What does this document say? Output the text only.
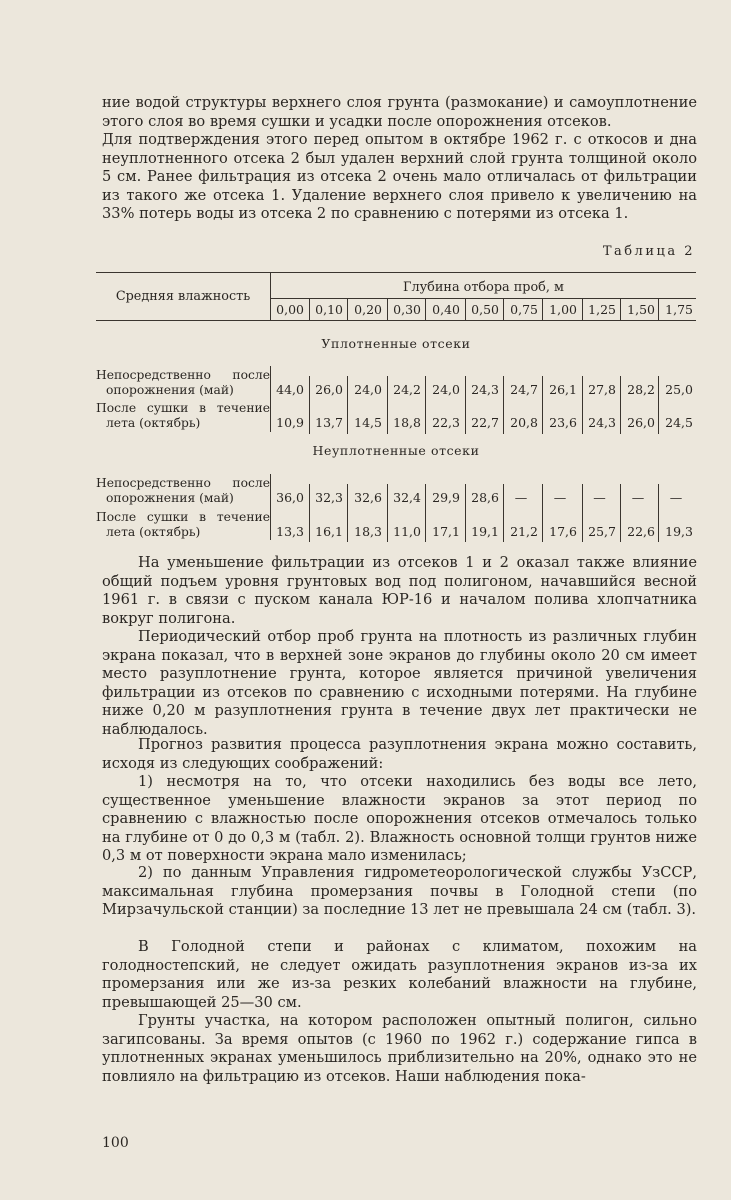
ние водой структуры верхнего слоя грунта (размокание) и самоуплотнение этого слоя во время сушки и усадки после опорожнения отсеков.

Для подтверждения этого перед опытом в октябре 1962 г. с откосов и дна неуплотненного отсека 2 был удален верхний слой грунта толщиной около 5 см. Ранее фильтрация из отсека 2 очень мало отличалась от фильтрации из такого же отсека 1. Удаление верхнего слоя привело к увеличению на 33% потерь воды из отсека 2 по сравнению с потерями из отсека 1.

Таблица 2
Средняя влажность
Глубина отбора проб, м
0,00 0,10 0,20 0,30 0,40 0,50 0,75 1,00 1,25 1,50 1,75
Уплотненные отсеки
Непосредственно после
опорожнения (май)	44,0 26,0 24,0 24,2 24,0 24,3 24,7 26,1 27,8 28,2 25,0
После сушки в течение
лета (октябрь)	10,9 13,7 14,5 18,8 22,3 22,7 20,8 23,6 24,3 26,0 24,5
Неуплотненные отсеки
Непосредственно после
опорожнения (май)	36,0 32,3 32,6 32,4 29,9 28,6	—	—	—	—	—
После сушки в течение
лета (октябрь)	13,3 16,1 18,3 11,0 17,1 19,1 21,2 17,6 25,7 22,6 19,3

На уменьшение фильтрации из отсеков 1 и 2 оказал также влияние общий подъем уровня грунтовых вод под полигоном, начавшийся весной 1961 г. в связи с пуском канала ЮР-16 и началом полива хлопчатника вокруг полигона.

Периодический отбор проб грунта на плотность из различных глубин экрана показал, что в верхней зоне экранов до глубины около 20 см имеет место разуплотнение грунта, которое является причиной увеличения фильтрации из отсеков по сравнению с исходными потерями. На глубине ниже 0,20 м разуплотнения грунта в течение двух лет практически не наблюдалось.

Прогноз развития процесса разуплотнения экрана можно составить, исходя из следующих соображений:

1) несмотря на то, что отсеки находились без воды все лето, существенное уменьшение влажности экранов за этот период по сравнению с влажностью после опорожнения отсеков отмечалось только на глубине от 0 до 0,3 м (табл. 2). Влажность основной толщи грунтов ниже 0,3 м от поверхности экрана мало изменилась;

2) по данным Управления гидрометеорологической службы УзССР, максимальная глубина промерзания почвы в Голодной степи (по Мирзачульской станции) за последние 13 лет не превышала 24 см (табл. 3).

В Голодной степи и районах с климатом, похожим на голодностепский, не следует ожидать разуплотнения экранов из-за их промерзания или же из-за резких колебаний влажности на глубине, превышающей 25—30 см.

Грунты участка, на котором расположен опытный полигон, сильно загипсованы. За время опытов (с 1960 по 1962 г.) содержание гипса в уплотненных экранах уменьшилось приблизительно на 20%, однако это не повлияло на фильтрацию из отсеков. Наши наблюдения пока-

100
